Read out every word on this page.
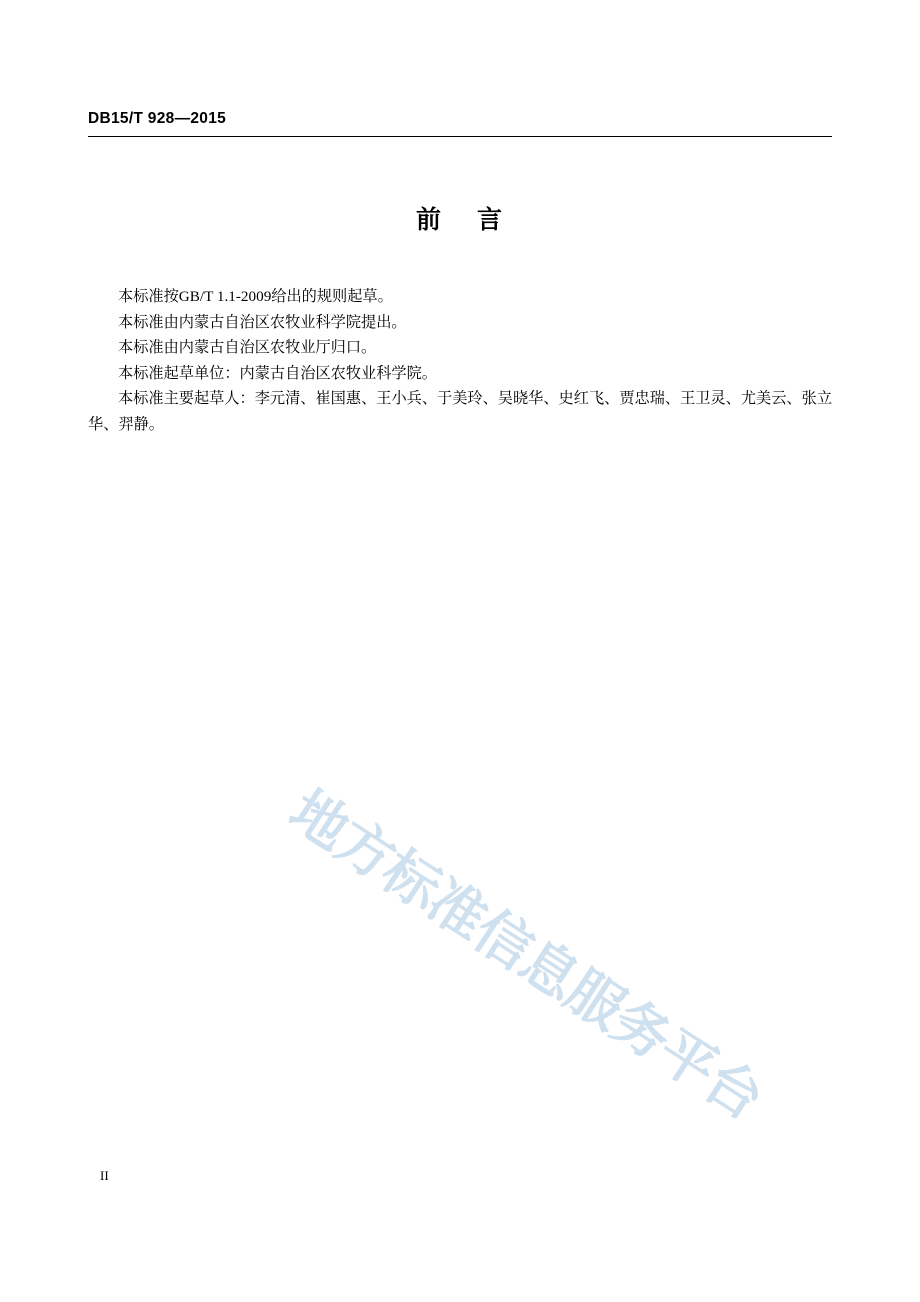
DB15/T 928—2015
前 言

本标准按GB/T 1.1-2009给出的规则起草。

本标准由内蒙古自治区农牧业科学院提出。

本标准由内蒙古自治区农牧业厅归口。

本标准起草单位：内蒙古自治区农牧业科学院。

本标准主要起草人：李元清、崔国惠、王小兵、于美玲、吴晓华、史红飞、贾忠瑞、王卫灵、尤美云、张立华、羿静。

地
方
标
准
信
息
服
务
平
台
II
